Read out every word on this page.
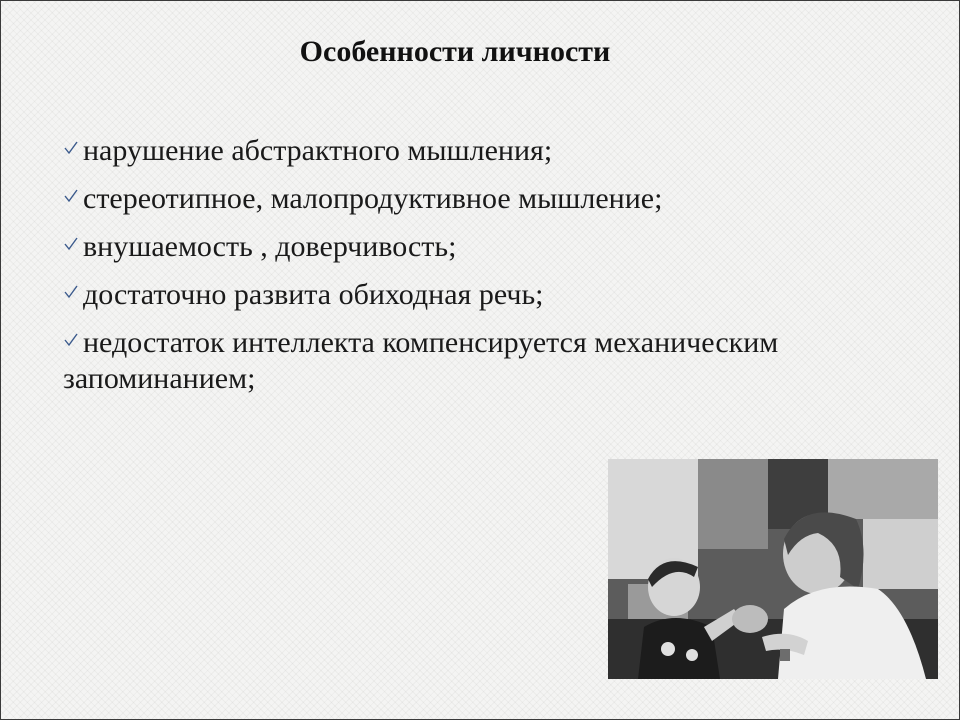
Особенности личности
нарушение абстрактного мышления;
стереотипное, малопродуктивное мышление;
внушаемость , доверчивость;
достаточно развита обиходная речь;
недостаток интеллекта компенсируется механическим запоминанием;
